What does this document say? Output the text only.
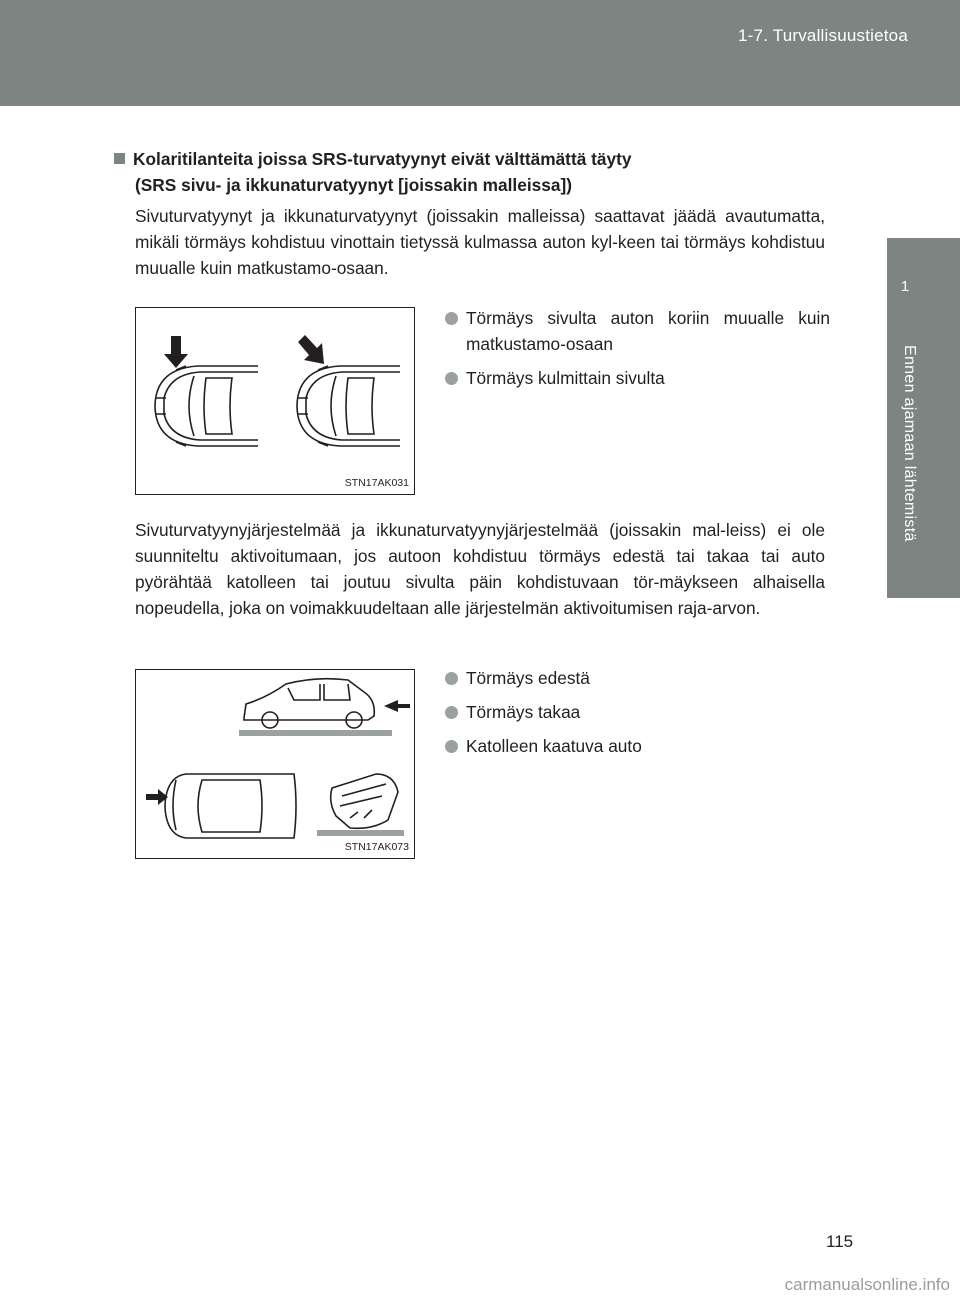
1-7. Turvallisuustietoa
1
Ennen ajamaan lähtemistä
Kolaritilanteita joissa SRS-turvatyynyt eivät välttämättä täyty
(SRS sivu- ja ikkunaturvatyynyt [joissakin malleissa])
Sivuturvatyynyt ja ikkunaturvatyynyt (joissakin malleissa) saattavat jäädä avautumatta, mikäli törmäys kohdistuu vinottain tietyssä kulmassa auton kyl-keen tai törmäys kohdistuu muualle kuin matkustamo-osaan.
STN17AK031
Törmäys sivulta auton koriin muualle kuin matkustamo-osaan
Törmäys kulmittain sivulta
Sivuturvatyynyjärjestelmää ja ikkunaturvatyynyjärjestelmää (joissakin mal-leiss) ei ole suunniteltu aktivoitumaan, jos autoon kohdistuu törmäys edestä tai takaa tai auto pyörähtää katolleen tai joutuu sivulta päin kohdistuvaan tör-mäykseen alhaisella nopeudella, joka on voimakkuudeltaan alle järjestelmän aktivoitumisen raja-arvon.
STN17AK073
Törmäys edestä
Törmäys takaa
Katolleen kaatuva auto
115
carmanualsonline.info
